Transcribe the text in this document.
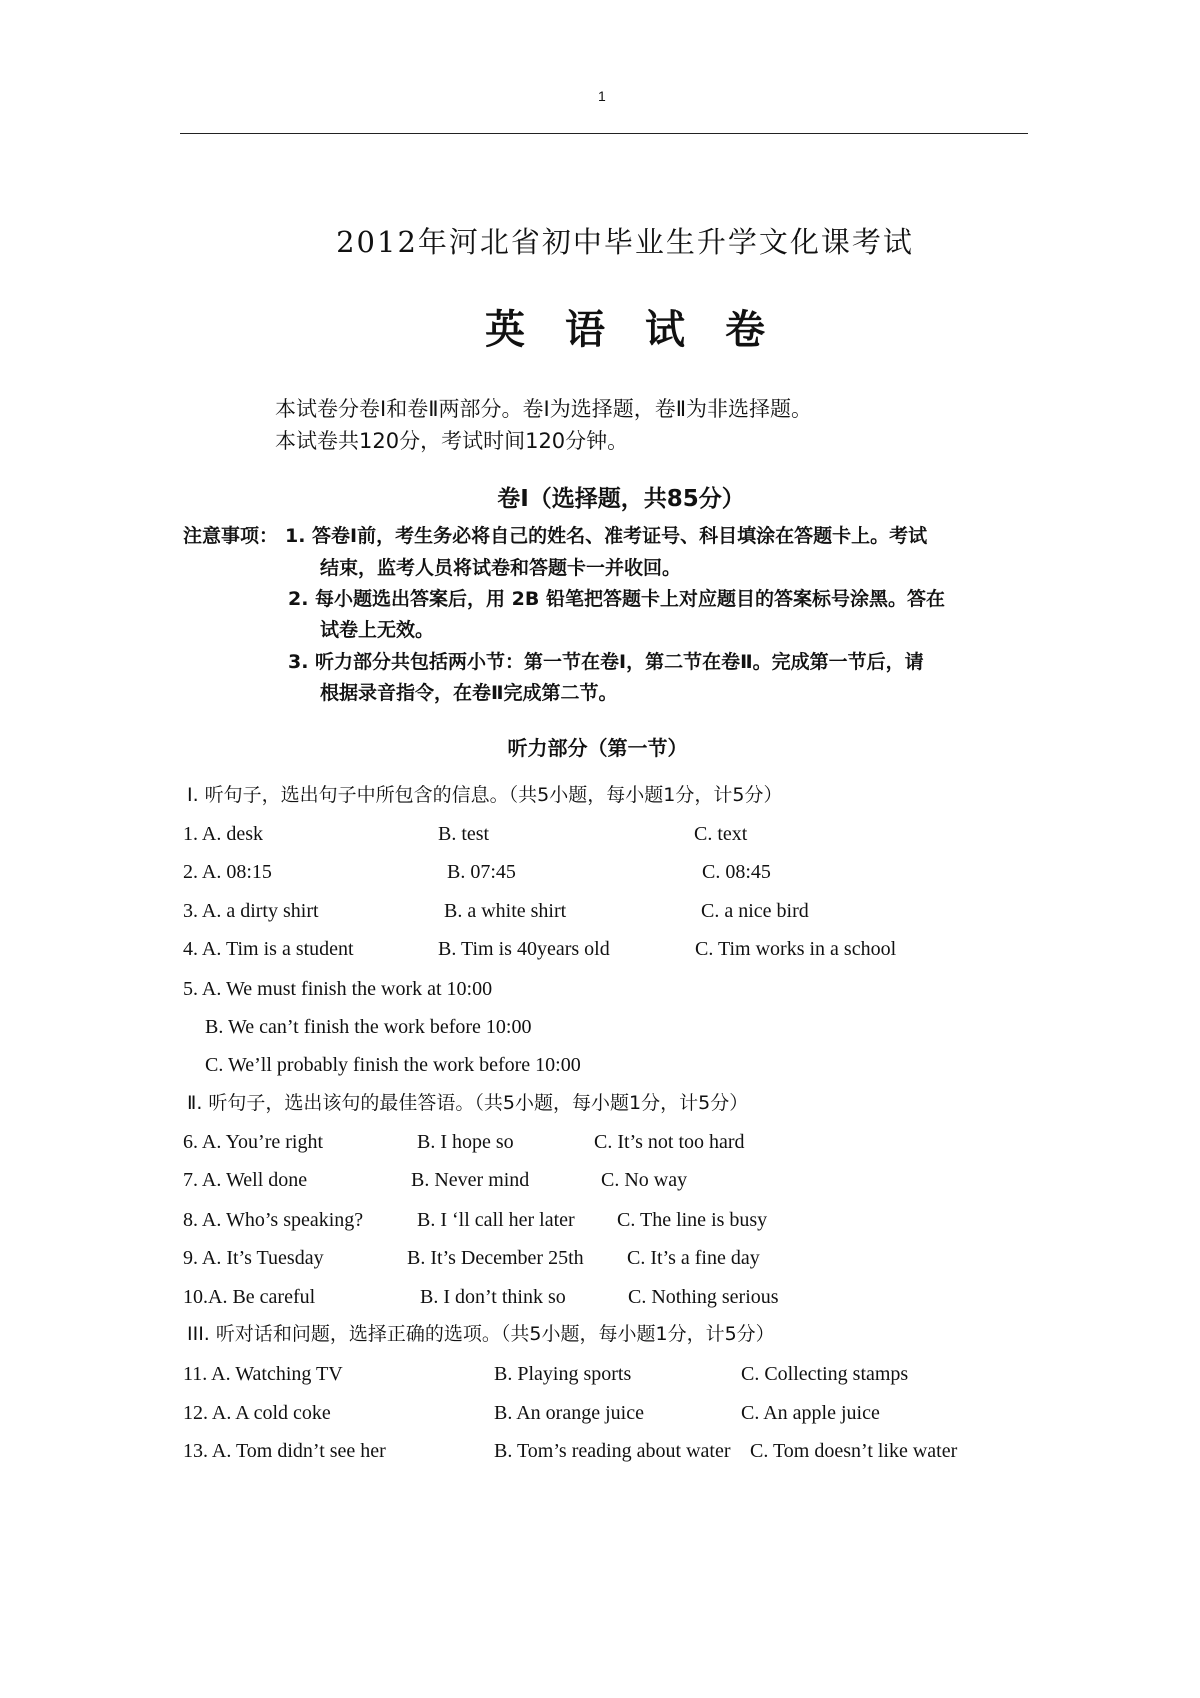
1
2012年河北省初中毕业生升学文化课考试
英　语　试　卷
本试卷分卷Ⅰ和卷Ⅱ两部分。卷Ⅰ为选择题，卷Ⅱ为非选择题。
本试卷共120分，考试时间120分钟。
卷Ⅰ（选择题，共85分）
注意事项： 1. 答卷Ⅰ前，考生务必将自己的姓名、准考证号、科目填涂在答题卡上。考试
结束，监考人员将试卷和答题卡一并收回。
2. 每小题选出答案后，用 2B 铅笔把答题卡上对应题目的答案标号涂黑。答在
试卷上无效。
3. 听力部分共包括两小节：第一节在卷Ⅰ，第二节在卷Ⅱ。完成第一节后，请
根据录音指令，在卷Ⅱ完成第二节。
听力部分（第一节）
Ⅰ. 听句子，选出句子中所包含的信息。（共5小题，每小题1分，计5分）
1. A. desk	B. test	C. text
2. A. 08:15	B. 07:45	C. 08:45
3. A. a dirty shirt	B. a white shirt	C. a nice bird
4. A. Tim is a student	B. Tim is 40years old	C. Tim works in a school
5. A. We must finish the work at 10:00
B. We can’t finish the work before 10:00
C. We’ll probably finish the work before 10:00
Ⅱ. 听句子，选出该句的最佳答语。（共5小题，每小题1分，计5分）
6. A. You’re right	B. I hope so	C. It’s not too hard
7. A. Well done	B. Never mind	C. No way
8. A. Who’s speaking?	B. I ‘ll call her later C. The line is busy
9. A. It’s Tuesday	B. It’s December 25th C. It’s a fine day
10.A. Be careful	B. I don’t think so	C. Nothing serious
III. 听对话和问题，选择正确的选项。（共5小题，每小题1分，计5分）
11. A. Watching TV	B. Playing sports	C. Collecting stamps
12. A. A cold coke	B. An orange juice	C. An apple juice
13. A. Tom didn’t see her	B. Tom’s reading about water C. Tom doesn’t like water
